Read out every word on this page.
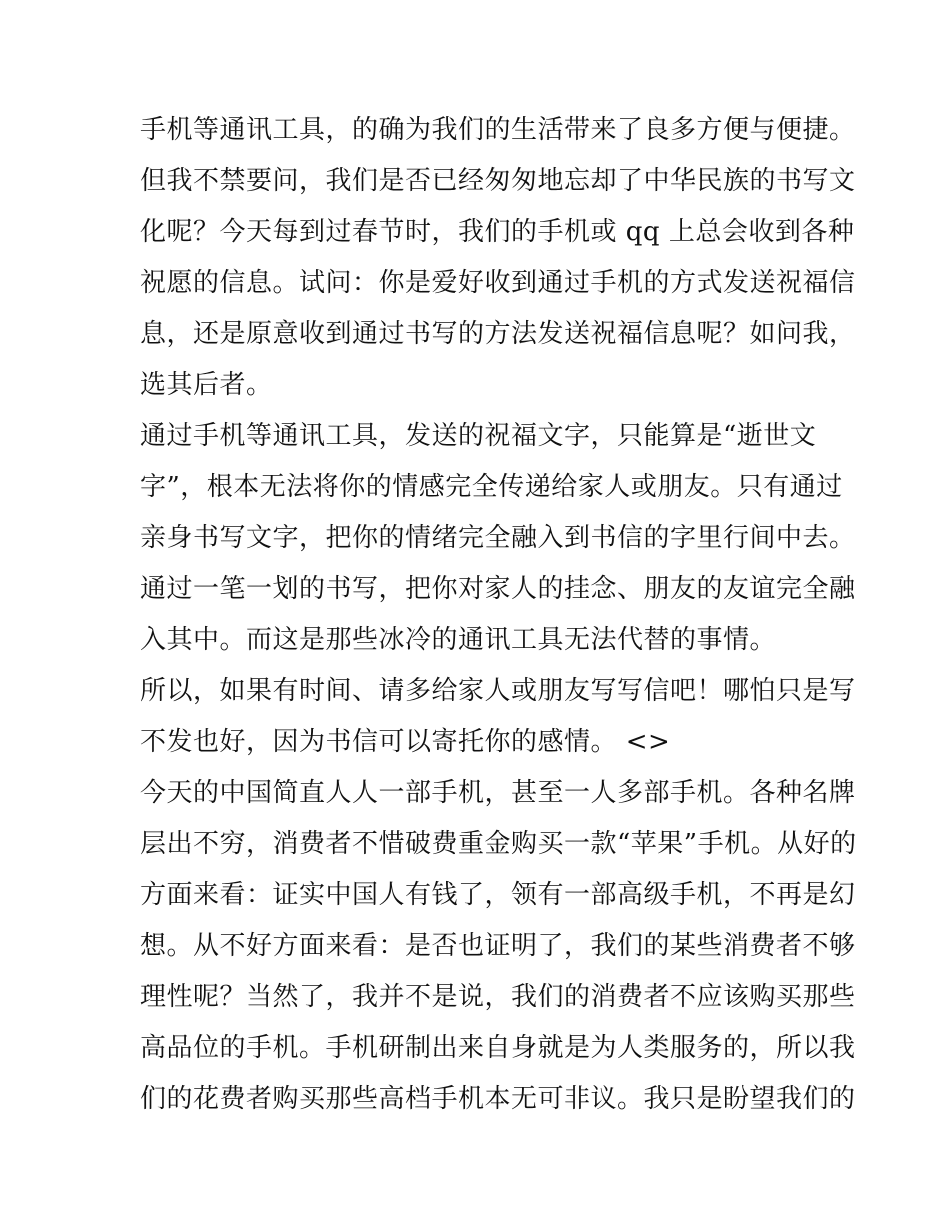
手机等通讯工具，的确为我们的生活带来了良多方便与便捷。
但我不禁要问，我们是否已经匆匆地忘却了中华民族的书写文
化呢？今天每到过春节时，我们的手机或 qq 上总会收到各种
祝愿的信息。试问：你是爱好收到通过手机的方式发送祝福信
息，还是原意收到通过书写的方法发送祝福信息呢？如问我，
选其后者。
通过手机等通讯工具，发送的祝福文字，只能算是“逝世文
字”，根本无法将你的情感完全传递给家人或朋友。只有通过
亲身书写文字，把你的情绪完全融入到书信的字里行间中去。
通过一笔一划的书写，把你对家人的挂念、朋友的友谊完全融
入其中。而这是那些冰冷的通讯工具无法代替的事情。
所以，如果有时间、请多给家人或朋友写写信吧！哪怕只是写
不发也好，因为书信可以寄托你的感情。 <>
今天的中国简直人人一部手机，甚至一人多部手机。各种名牌
层出不穷，消费者不惜破费重金购买一款“苹果”手机。从好的
方面来看：证实中国人有钱了，领有一部高级手机，不再是幻
想。从不好方面来看：是否也证明了，我们的某些消费者不够
理性呢？当然了，我并不是说，我们的消费者不应该购买那些
高品位的手机。手机研制出来自身就是为人类服务的，所以我
们的花费者购买那些高档手机本无可非议。我只是盼望我们的
